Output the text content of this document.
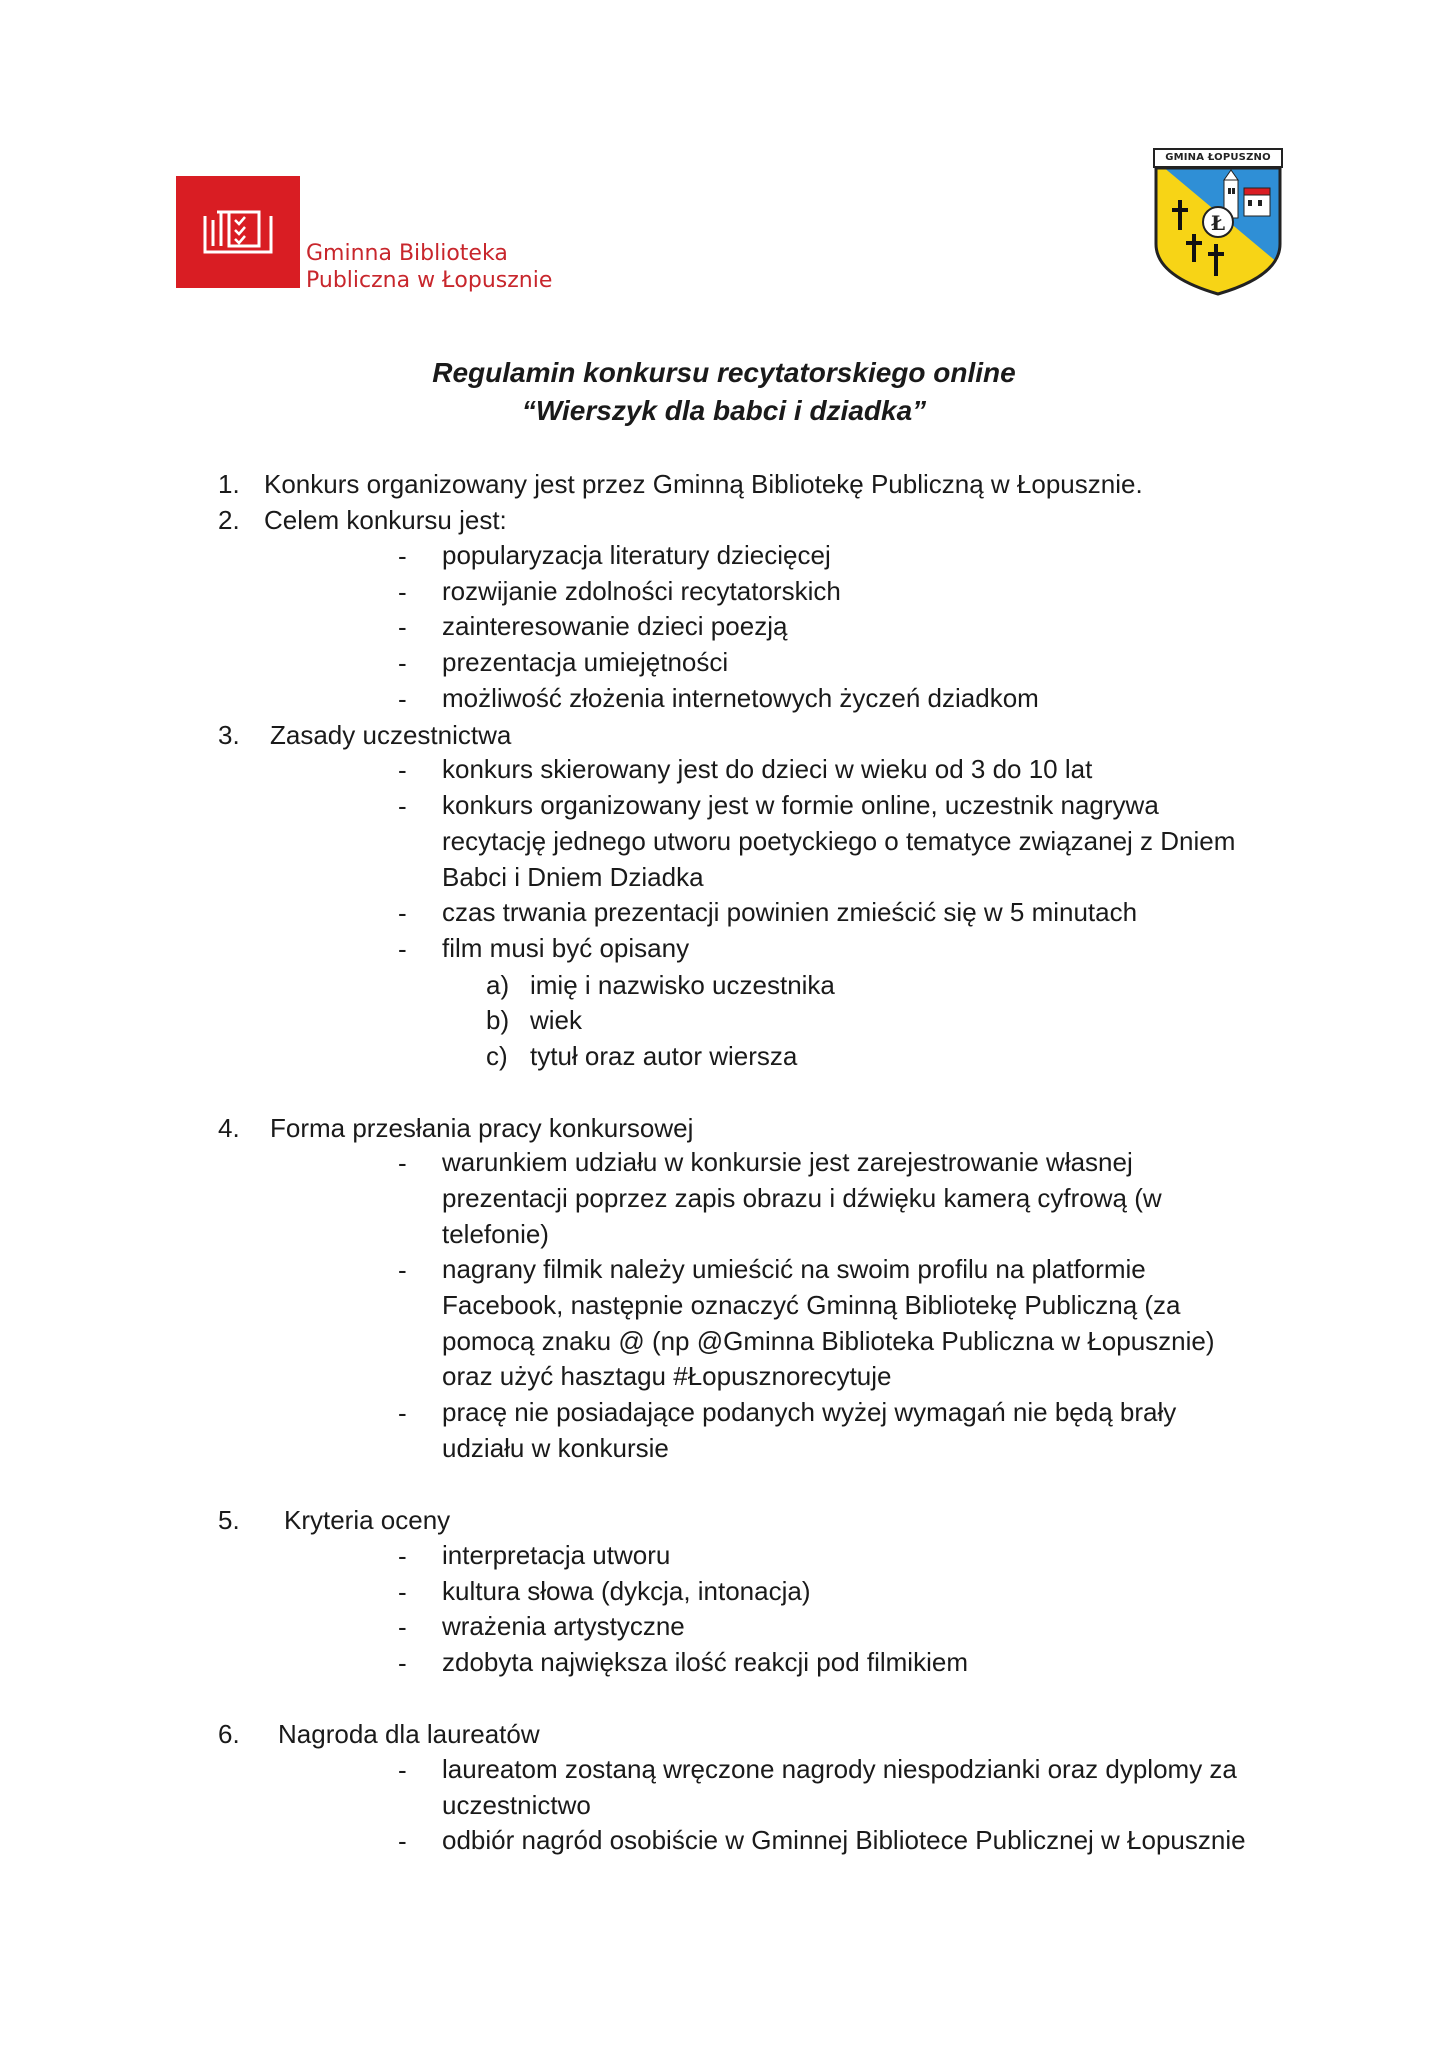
Gminna Biblioteka
Publiczna w Łopusznie
Ł
GMINA ŁOPUSZNO
Regulamin konkursu recytatorskiego online
“Wierszyk dla babci i dziadka”
1. Konkurs organizowany jest przez Gminną Bibliotekę Publiczną w Łopusznie.
2. Celem konkursu jest:
- popularyzacja literatury dziecięcej
- rozwijanie zdolności recytatorskich
- zainteresowanie dzieci poezją
- prezentacja umiejętności
- możliwość złożenia internetowych życzeń dziadkom
3. Zasady uczestnictwa
- konkurs skierowany jest do dzieci w wieku od 3 do 10 lat
- konkurs organizowany jest w formie online, uczestnik nagrywa
recytację jednego utworu poetyckiego o tematyce związanej z Dniem
Babci i Dniem Dziadka
- czas trwania prezentacji powinien zmieścić się w 5 minutach
- film musi być opisany
a) imię i nazwisko uczestnika
b) wiek
c) tytuł oraz autor wiersza
4. Forma przesłania pracy konkursowej
- warunkiem udziału w konkursie jest zarejestrowanie własnej
prezentacji poprzez zapis obrazu i dźwięku kamerą cyfrową (w
telefonie)
- nagrany filmik należy umieścić na swoim profilu na platformie
Facebook, następnie oznaczyć Gminną Bibliotekę Publiczną (za
pomocą znaku @ (np @Gminna Biblioteka Publiczna w Łopusznie)
oraz użyć hasztagu #Łopusznorecytuje
- pracę nie posiadające podanych wyżej wymagań nie będą brały
udziału w konkursie
5. Kryteria oceny
- interpretacja utworu
- kultura słowa (dykcja, intonacja)
- wrażenia artystyczne
- zdobyta największa ilość reakcji pod filmikiem
6. Nagroda dla laureatów
- laureatom zostaną wręczone nagrody niespodzianki oraz dyplomy za
uczestnictwo
- odbiór nagród osobiście w Gminnej Bibliotece Publicznej w Łopusznie
